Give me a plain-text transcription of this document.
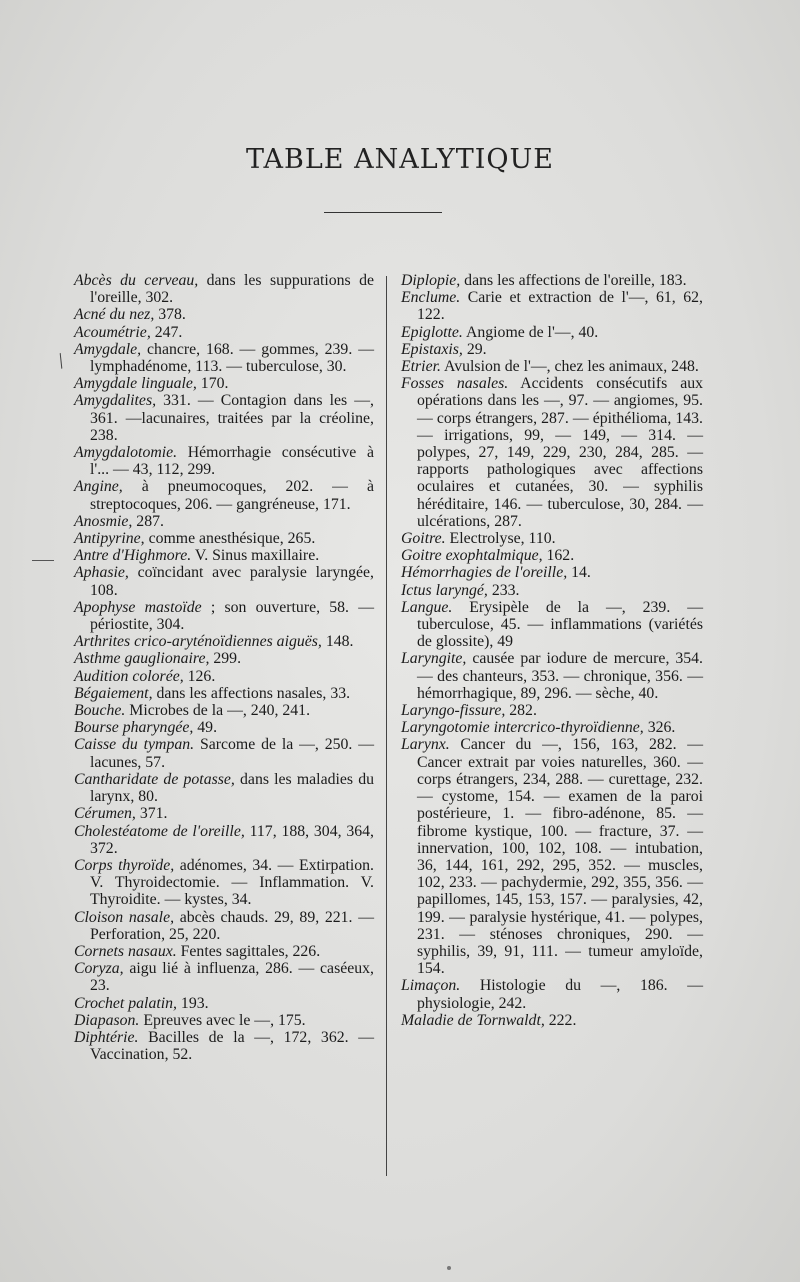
TABLE ANALYTIQUE
/

Abcès du cerveau, dans les suppurations de l'oreille, 302.

Acné du nez, 378.

Acoumétrie, 247.

Amygdale, chancre, 168. — gommes, 239. — lymphadénome, 113. — tuberculose, 30.

Amygdale linguale, 170.

Amygdalites, 331. — Contagion dans les —, 361. —lacunaires, traitées par la créoline, 238.

Amygdalotomie. Hémorrhagie consécutive à l'... — 43, 112, 299.

Angine, à pneumocoques, 202. — à streptocoques, 206. — gangréneuse, 171.

Anosmie, 287.

Antipyrine, comme anesthésique, 265.

Antre d'Highmore. V. Sinus maxillaire.

Aphasie, coïncidant avec paralysie laryngée, 108.

Apophyse mastoïde ; son ouverture, 58. — périostite, 304.

Arthrites crico-aryténoïdiennes aiguës, 148.

Asthme gauglionaire, 299.

Audition colorée, 126.

Bégaiement, dans les affections nasales, 33.

Bouche. Microbes de la —, 240, 241.

Bourse pharyngée, 49.

Caisse du tympan. Sarcome de la —, 250. — lacunes, 57.

Cantharidate de potasse, dans les maladies du larynx, 80.

Cérumen, 371.

Cholestéatome de l'oreille, 117, 188, 304, 364, 372.

Corps thyroïde, adénomes, 34. — Extirpation. V. Thyroidectomie. — Inflammation. V. Thyroidite. — kystes, 34.

Cloison nasale, abcès chauds. 29, 89, 221. — Perforation, 25, 220.

Cornets nasaux. Fentes sagittales, 226.

Coryza, aigu lié à influenza, 286. — caséeux, 23.

Crochet palatin, 193.

Diapason. Epreuves avec le —, 175.

Diphtérie. Bacilles de la —, 172, 362. — Vaccination, 52.

Diplopie, dans les affections de l'oreille, 183.

Enclume. Carie et extraction de l'—, 61, 62, 122.

Epiglotte. Angiome de l'—, 40.

Epistaxis, 29.

Etrier. Avulsion de l'—, chez les animaux, 248.

Fosses nasales. Accidents consécutifs aux opérations dans les —, 97. — angiomes, 95. — corps étrangers, 287. — épithélioma, 143. — irrigations, 99, — 149, — 314. — polypes, 27, 149, 229, 230, 284, 285. — rapports pathologiques avec affections oculaires et cutanées, 30. — syphilis héréditaire, 146. — tuberculose, 30, 284. — ulcérations, 287.

Goitre. Electrolyse, 110.

Goitre exophtalmique, 162.

Hémorrhagies de l'oreille, 14.

Ictus laryngé, 233.

Langue. Erysipèle de la —, 239. — tuberculose, 45. — inflammations (variétés de glossite), 49

Laryngite, causée par iodure de mercure, 354. — des chanteurs, 353. — chronique, 356. — hémorrhagique, 89, 296. — sèche, 40.

Laryngo-fissure, 282.

Laryngotomie intercrico-thyroïdienne, 326.

Larynx. Cancer du —, 156, 163, 282. — Cancer extrait par voies naturelles, 360. — corps étrangers, 234, 288. — curettage, 232. — cystome, 154. — examen de la paroi postérieure, 1. — fibro-adénone, 85. — fibrome kystique, 100. — fracture, 37. — innervation, 100, 102, 108. — intubation, 36, 144, 161, 292, 295, 352. — muscles, 102, 233. — pachydermie, 292, 355, 356. — papillomes, 145, 153, 157. — paralysies, 42, 199. — paralysie hystérique, 41. — polypes, 231. — sténoses chroniques, 290. — syphilis, 39, 91, 111. — tumeur amyloïde, 154.

Limaçon. Histologie du —, 186. — physiologie, 242.

Maladie de Tornwaldt, 222.
